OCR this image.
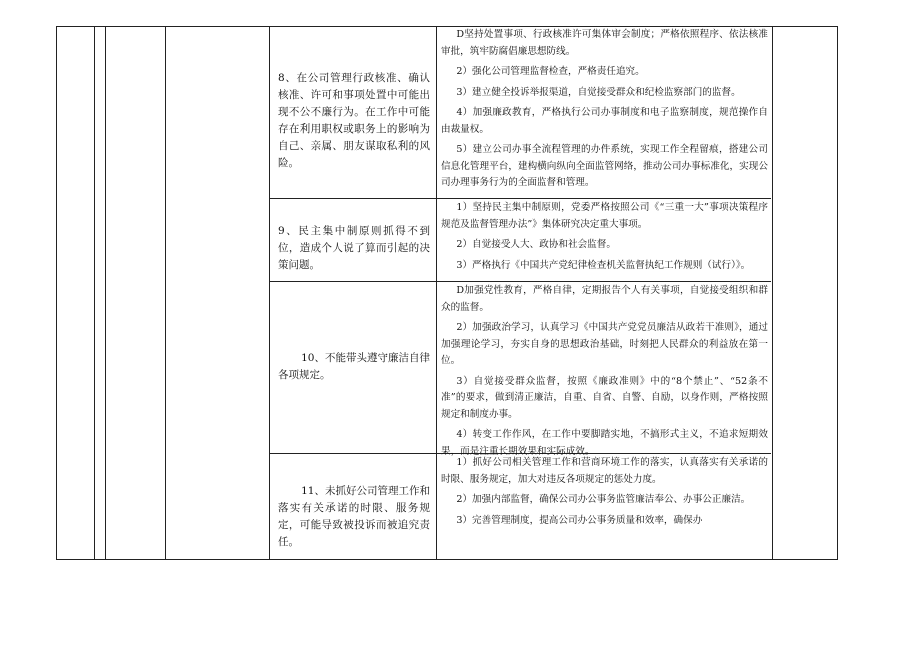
8、在公司管理行政核准、确认核准、许可和事项处置中可能出现不公不廉行为。在工作中可能存在利用职权或职务上的影响为自己、亲属、朋友谋取私利的风险。

D坚持处置事项、行政核准许可集体审会制度；严格依照程序、依法核准审批，筑牢防腐倡廉思想防线。

2）强化公司管理监督检查，严格责任追究。

3）建立健全投诉举报渠道，自觉接受群众和纪检监察部门的监督。

4）加强廉政教育，严格执行公司办事制度和电子监察制度，规范操作自由裁量权。

5）建立公司办事全流程管理的办件系统，实现工作全程留痕，搭建公司信息化管理平台，建构横向纵向全面监管网络，推动公司办事标准化，实现公司办理事务行为的全面监督和管理。

9、民主集中制原则抓得不到位，造成个人说了算而引起的决策问题。

1）坚持民主集中制原则，党委严格按照公司《“三重一大”事项决策程序规范及监督管理办法”》集体研究决定重大事项。

2）自觉接受人大、政协和社会监督。

3）严格执行《中国共产党纪律检查机关监督执纪工作规则（试行）》。

10、不能带头遵守廉洁自律各项规定。

D加强党性教育，严格自律，定期报告个人有关事项，自觉接受组织和群众的监督。

2）加强政治学习，认真学习《中国共产党党员廉洁从政若干准则》，通过加强理论学习，夯实自身的思想政治基础，时刻把人民群众的利益放在第一位。

3）自觉接受群众监督，按照《廉政准则》中的“8个禁止”、“52条不准”的要求，做到清正廉洁，自重、自省、自警、自励，以身作则，严格按照规定和制度办事。

4）转变工作作风，在工作中要脚踏实地，不搞形式主义，不追求短期效果，而是注重长期效果和实际成效。

11、未抓好公司管理工作和落实有关承诺的时限、服务规定，可能导致被投诉而被追究责任。

1）抓好公司相关管理工作和营商环境工作的落实，认真落实有关承诺的时限、服务规定，加大对违反各项规定的惩处力度。

2）加强内部监督，确保公司办公事务监管廉洁奉公、办事公正廉洁。

3）完善管理制度，提高公司办公事务质量和效率，确保办
